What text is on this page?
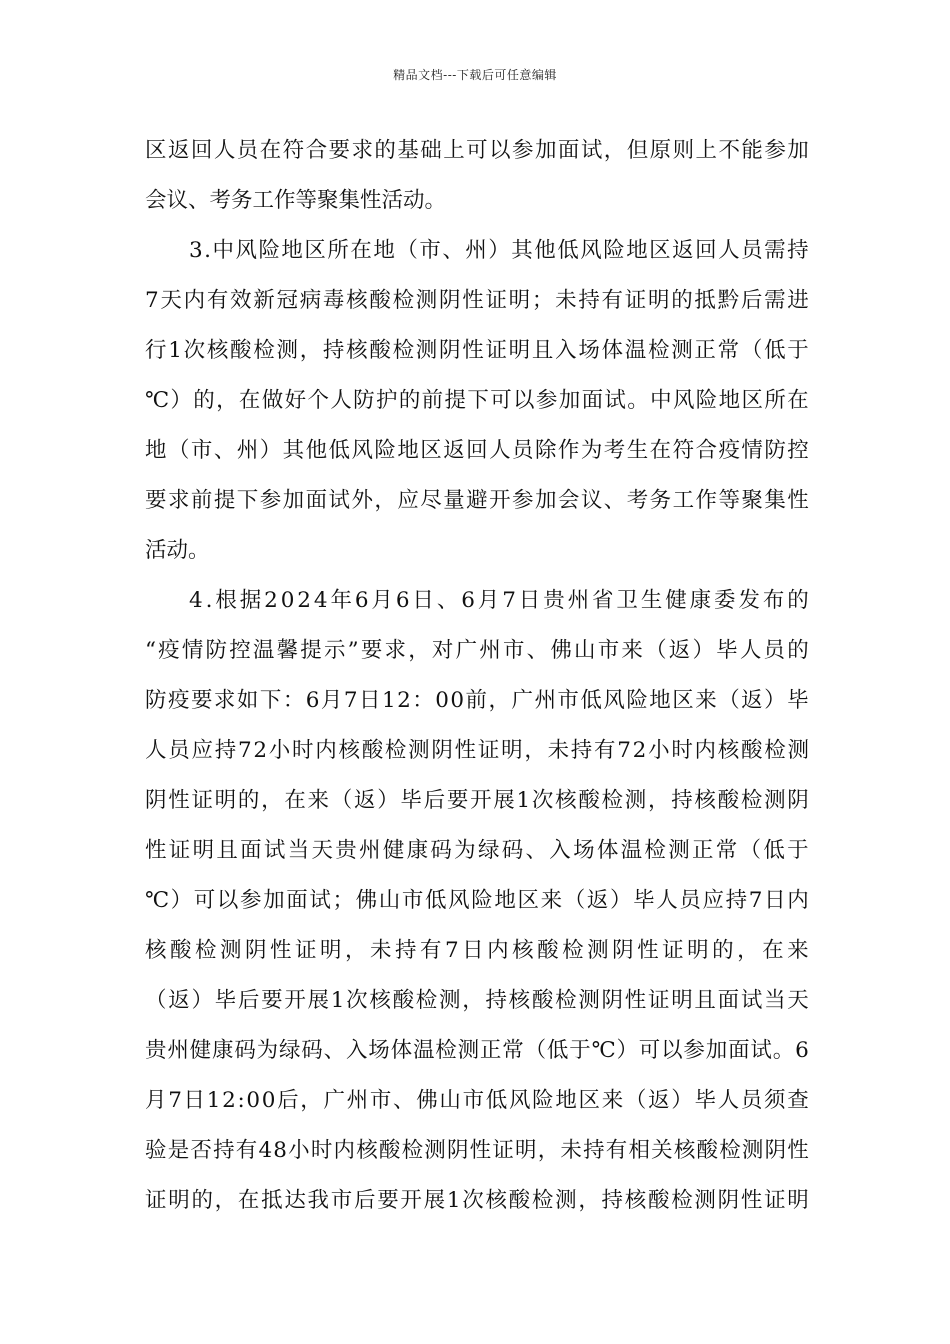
精品文档---下载后可任意编辑
区 返 回 人 员 在 符 合 要 求 的 基 础 上 可 以 参 加 面 试 ， 但 原 则 上 不 能 参 加
会议、考务工作等聚集性活动。
3 . 中 风 险 地 区 所 在 地 （ 市 、 州 ） 其 他 低 风 险 地 区 返 回 人 员 需 持
7 天 内 有 效 新 冠 病 毒 核 酸 检 测 阴 性 证 明 ； 未 持 有 证 明 的 抵 黔 后 需 进
行 1 次 核 酸 检 测 ， 持 核 酸 检 测 阴 性 证 明 且 入 场 体 温 检 测 正 常 （ 低 于
℃ ） 的 ， 在 做 好 个 人 防 护 的 前 提 下 可 以 参 加 面 试 。 中 风 险 地 区 所 在
地 （ 市 、 州 ） 其 他 低 风 险 地 区 返 回 人 员 除 作 为 考 生 在 符 合 疫 情 防 控
要 求 前 提 下 参 加 面 试 外 ， 应 尽 量 避 开 参 加 会 议 、 考 务 工 作 等 聚 集 性
活动。
4 . 根 据 2 0 2 4 年 6 月 6 日 、 6 月 7 日 贵 州 省 卫 生 健 康 委 发 布 的
“ 疫 情 防 控 温 馨 提 示 ” 要 求 ， 对 广 州 市 、 佛 山 市 来 （ 返 ） 毕 人 员 的
防 疫 要 求 如 下 ： 6 月 7 日 1 2 ： 0 0 前 ， 广 州 市 低 风 险 地 区 来 （ 返 ） 毕
人 员 应 持 7 2 小 时 内 核 酸 检 测 阴 性 证 明 ， 未 持 有 7 2 小 时 内 核 酸 检 测
阴 性 证 明 的 ， 在 来 （ 返 ） 毕 后 要 开 展 1 次 核 酸 检 测 ， 持 核 酸 检 测 阴
性 证 明 且 面 试 当 天 贵 州 健 康 码 为 绿 码 、 入 场 体 温 检 测 正 常 （ 低 于
℃ ） 可 以 参 加 面 试 ； 佛 山 市 低 风 险 地 区 来 （ 返 ） 毕 人 员 应 持 7 日 内
核 酸 检 测 阴 性 证 明 ， 未 持 有 7 日 内 核 酸 检 测 阴 性 证 明 的 ， 在 来
（ 返 ） 毕 后 要 开 展 1 次 核 酸 检 测 ， 持 核 酸 检 测 阴 性 证 明 且 面 试 当 天
贵 州 健 康 码 为 绿 码 、 入 场 体 温 检 测 正 常 （ 低 于 ℃ ） 可 以 参 加 面 试 。 6
月 7 日 1 2 : 0 0 后 ， 广 州 市 、 佛 山 市 低 风 险 地 区 来 （ 返 ） 毕 人 员 须 查
验 是 否 持 有 4 8 小 时 内 核 酸 检 测 阴 性 证 明 ， 未 持 有 相 关 核 酸 检 测 阴 性
证 明 的 ， 在 抵 达 我 市 后 要 开 展 1 次 核 酸 检 测 ， 持 核 酸 检 测 阴 性 证 明
